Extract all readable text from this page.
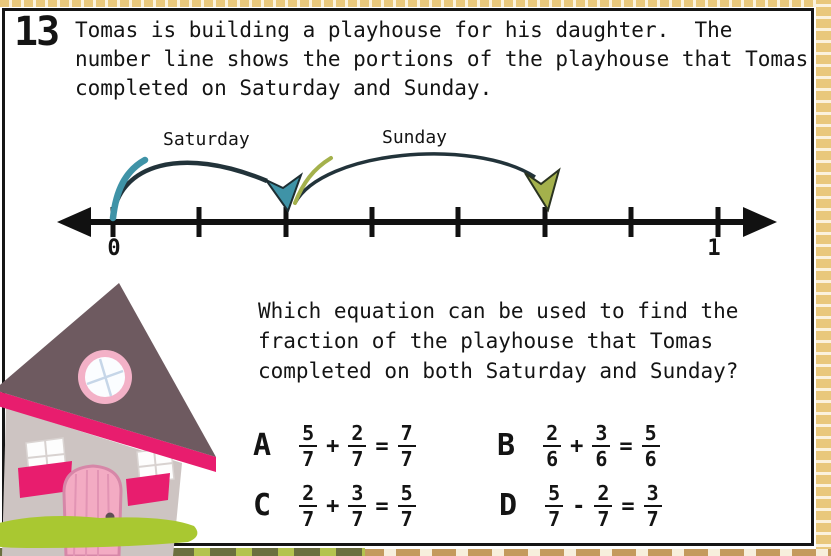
13 Tomas is building a playhouse for his daughter.  The
number line shows the portions of the playhouse that Tomas
completed on Saturday and Sunday.
Saturday	Sunday
0	1
Which equation can be used to find the
fraction of the playhouse that Tomas
completed on both Saturday and Sunday?
A $\frac{5}{7} + \frac{2}{7} = \frac{7}{7}$	B $\frac{2}{6} + \frac{3}{6} = \frac{5}{6}$
C $\frac{2}{7} + \frac{3}{7} = \frac{5}{7}$	D $\frac{5}{7} - \frac{2}{7} = \frac{3}{7}$
